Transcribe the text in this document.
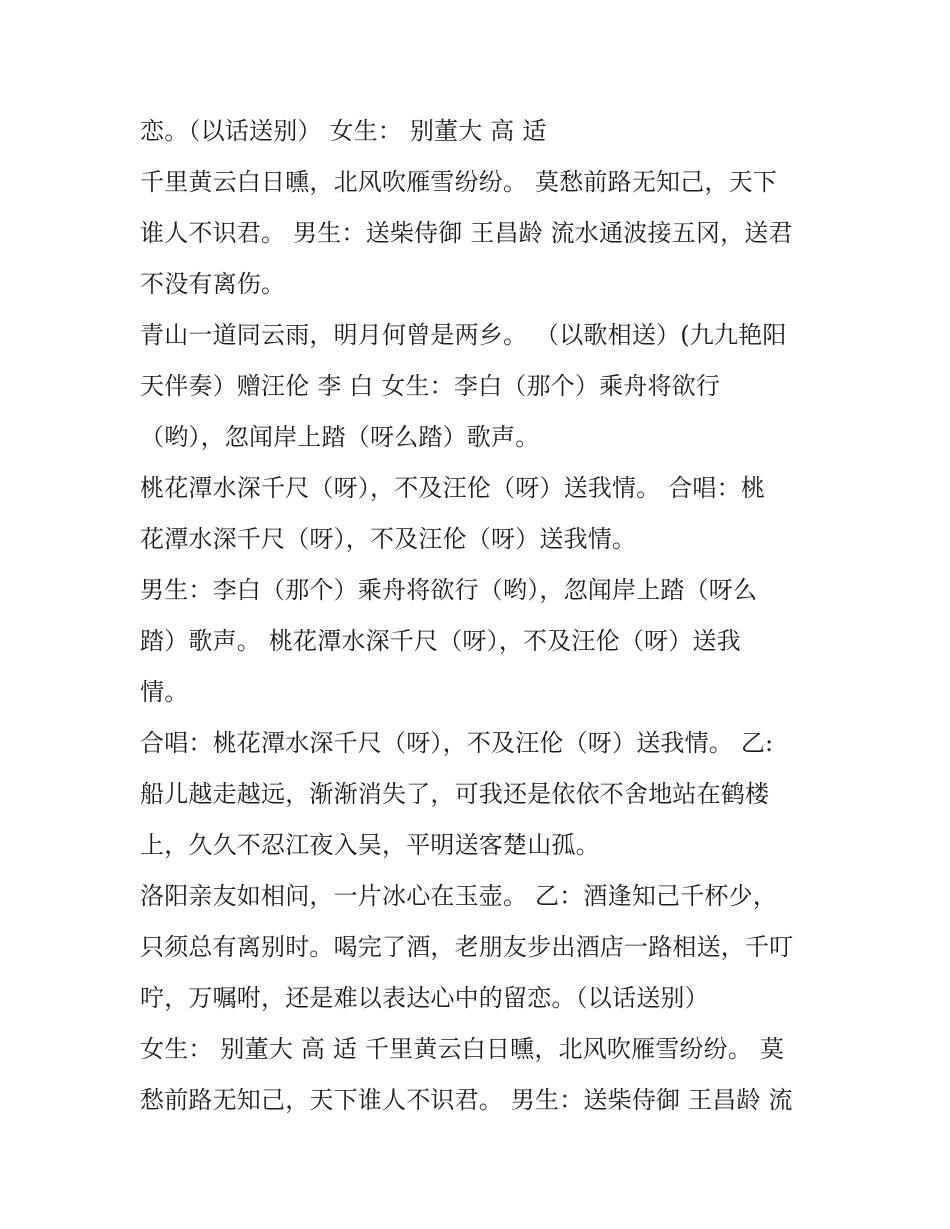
恋。（以话送别） 女生： 别董大 高 适
千里黄云白日曛，北风吹雁雪纷纷。 莫愁前路无知己，天下
谁人不识君。 男生：送柴侍御 王昌龄 流水通波接五冈，送君
不没有离伤。
青山一道同云雨，明月何曾是两乡。 （以歌相送）(九九艳阳
天伴奏）赠汪伦 李 白 女生：李白（那个）乘舟将欲行
（哟），忽闻岸上踏（呀么踏）歌声。
桃花潭水深千尺（呀），不及汪伦（呀）送我情。 合唱：桃
花潭水深千尺（呀），不及汪伦（呀）送我情。
男生：李白（那个）乘舟将欲行（哟），忽闻岸上踏（呀么
踏）歌声。 桃花潭水深千尺（呀），不及汪伦（呀）送我
情。
合唱：桃花潭水深千尺（呀），不及汪伦（呀）送我情。 乙:
船儿越走越远，渐渐消失了，可我还是依依不舍地站在鹤楼
上，久久不忍江夜入吴，平明送客楚山孤。
洛阳亲友如相问，一片冰心在玉壶。 乙：酒逢知己千杯少，
只须总有离别时。喝完了酒，老朋友步出酒店一路相送，千叮
咛，万嘱咐，还是难以表达心中的留恋。（以话送别）
女生： 别董大 高 适 千里黄云白日曛，北风吹雁雪纷纷。 莫
愁前路无知己，天下谁人不识君。 男生：送柴侍御 王昌龄 流
